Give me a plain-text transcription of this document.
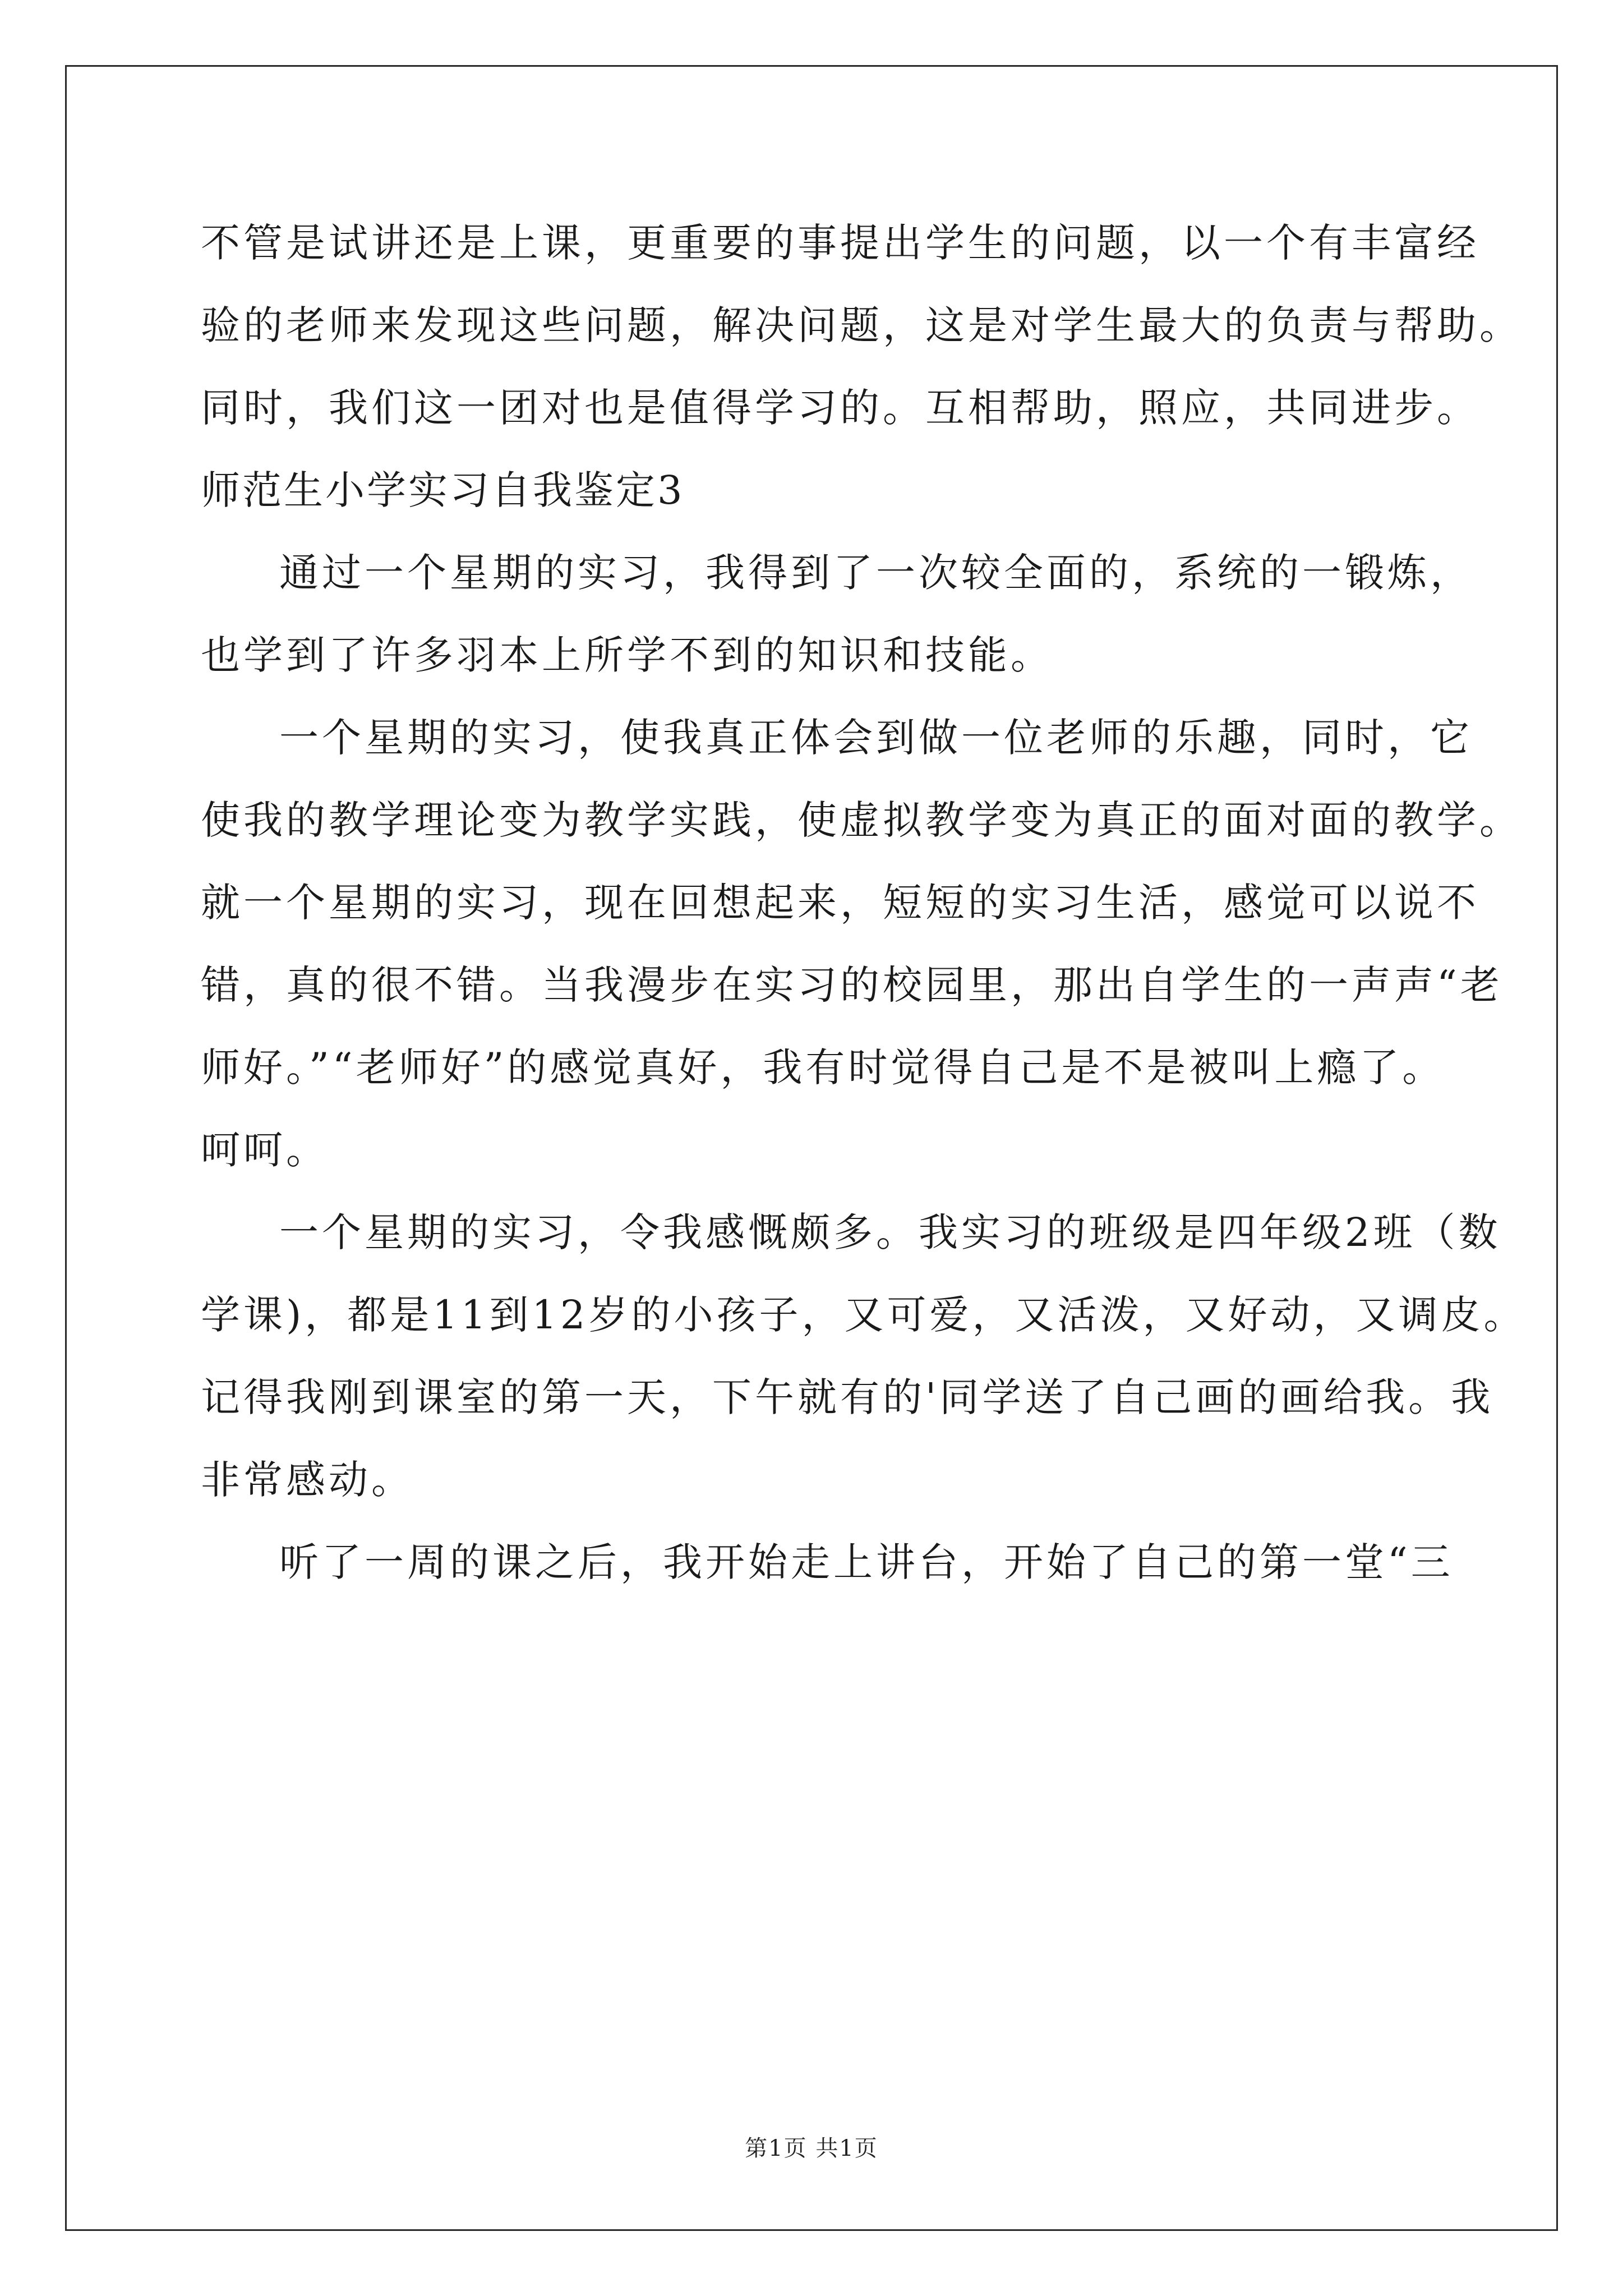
不管是试讲还是上课，更重要的事提出学生的问题，以一个有丰富经

验的老师来发现这些问题，解决问题，这是对学生最大的负责与帮助。

同时，我们这一团对也是值得学习的。互相帮助，照应，共同进步。

师范生小学实习自我鉴定3

通过一个星期的实习，我得到了一次较全面的，系统的一锻炼，

也学到了许多羽本上所学不到的知识和技能。

一个星期的实习，使我真正体会到做一位老师的乐趣，同时，它

使我的教学理论变为教学实践，使虚拟教学变为真正的面对面的教学。

就一个星期的实习，现在回想起来，短短的实习生活，感觉可以说不

错，真的很不错。当我漫步在实习的校园里，那出自学生的一声声“老

师好。”“老师好”的感觉真好，我有时觉得自己是不是被叫上瘾了。

呵呵。

一个星期的实习，令我感慨颇多。我实习的班级是四年级2班（数

学课)，都是11到12岁的小孩子，又可爱，又活泼，又好动，又调皮。

记得我刚到课室的第一天，下午就有的'同学送了自己画的画给我。我

非常感动。

听了一周的课之后，我开始走上讲台，开始了自己的第一堂“三

第1页 共1页
